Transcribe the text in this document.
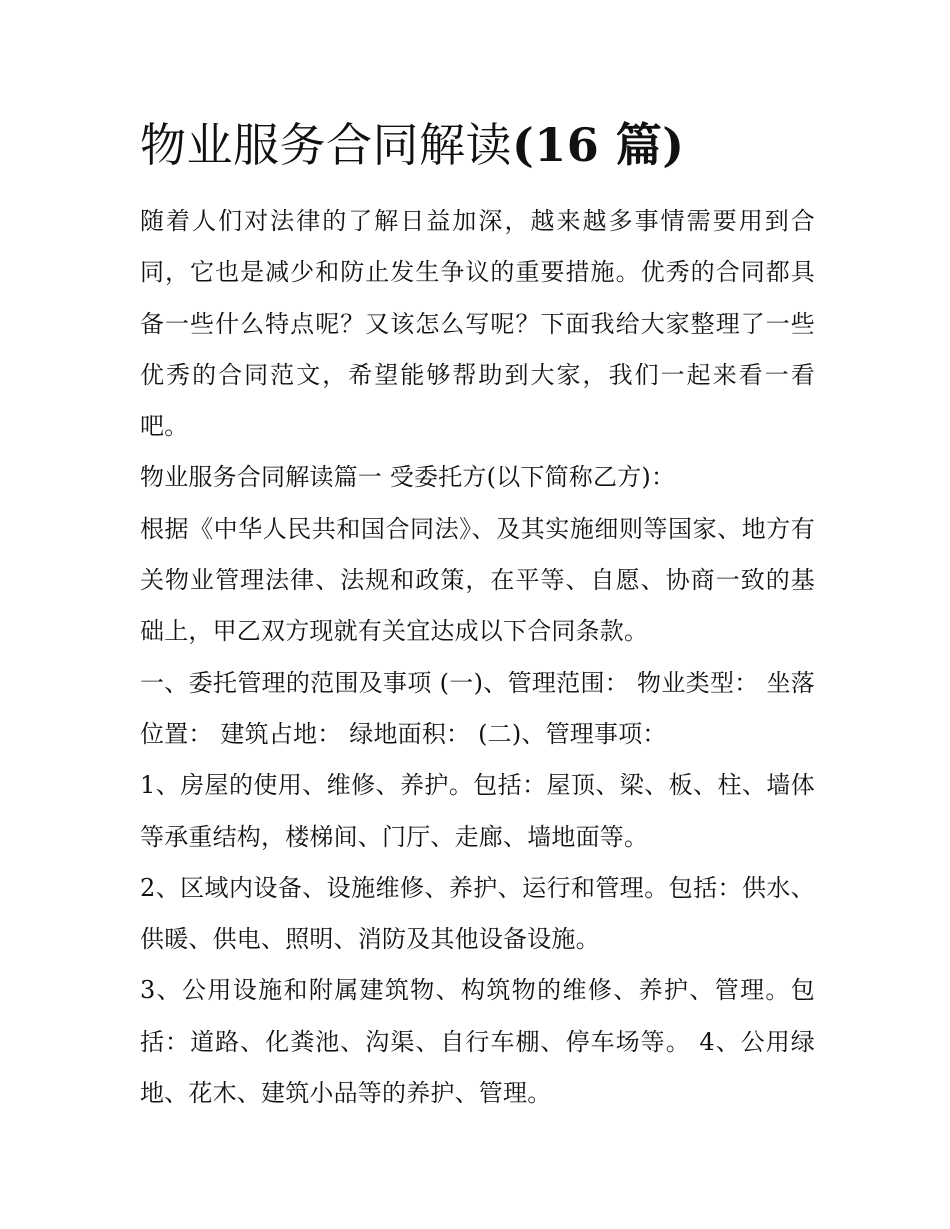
物业服务合同解读(16 篇)

随着人们对法律的了解日益加深，越来越多事情需要用到合同，它也是减少和防止发生争议的重要措施。优秀的合同都具备一些什么特点呢？又该怎么写呢？下面我给大家整理了一些优秀的合同范文，希望能够帮助到大家，我们一起来看一看吧。

物业服务合同解读篇一 受委托方(以下简称乙方)：

根据《中华人民共和国合同法》、及其实施细则等国家、地方有关物业管理法律、法规和政策，在平等、自愿、协商一致的基础上，甲乙双方现就有关宜达成以下合同条款。

一、委托管理的范围及事项 (一)、管理范围： 物业类型： 坐落位置： 建筑占地： 绿地面积： (二)、管理事项：

1、房屋的使用、维修、养护。包括：屋顶、梁、板、柱、墙体等承重结构，楼梯间、门厅、走廊、墙地面等。

2、区域内设备、设施维修、养护、运行和管理。包括：供水、供暖、供电、照明、消防及其他设备设施。

3、公用设施和附属建筑物、构筑物的维修、养护、管理。包括：道路、化粪池、沟渠、自行车棚、停车场等。 4、公用绿地、花木、建筑小品等的养护、管理。
